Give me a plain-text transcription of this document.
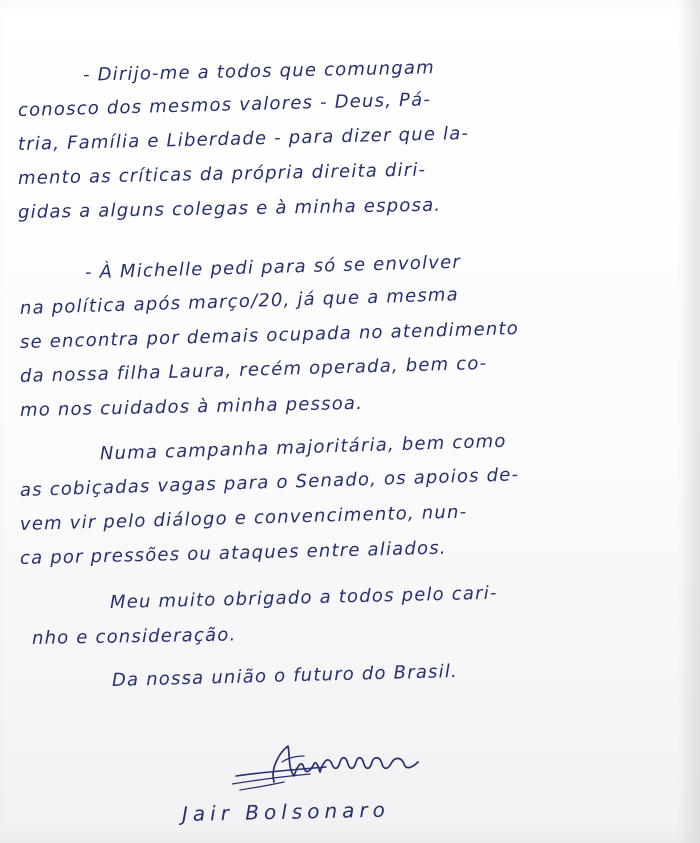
- Dirijo-me a todos que comungam
conosco dos mesmos valores - Deus, Pá-
tria, Família e Liberdade - para dizer que la-
mento as críticas da própria direita diri-
gidas a alguns colegas e à minha esposa.
- À Michelle pedi para só se envolver
na política após março/20, já que a mesma
se encontra por demais ocupada no atendimento
da nossa filha Laura, recém operada, bem co-
mo nos cuidados à minha pessoa.
Numa campanha majoritária, bem como
as cobiçadas vagas para o Senado, os apoios de-
vem vir pelo diálogo e convencimento, nun-
ca por pressões ou ataques entre aliados.
Meu muito obrigado a todos pelo cari-
nho e consideração.
Da nossa união o futuro do Brasil.
Jair Bolsonaro
